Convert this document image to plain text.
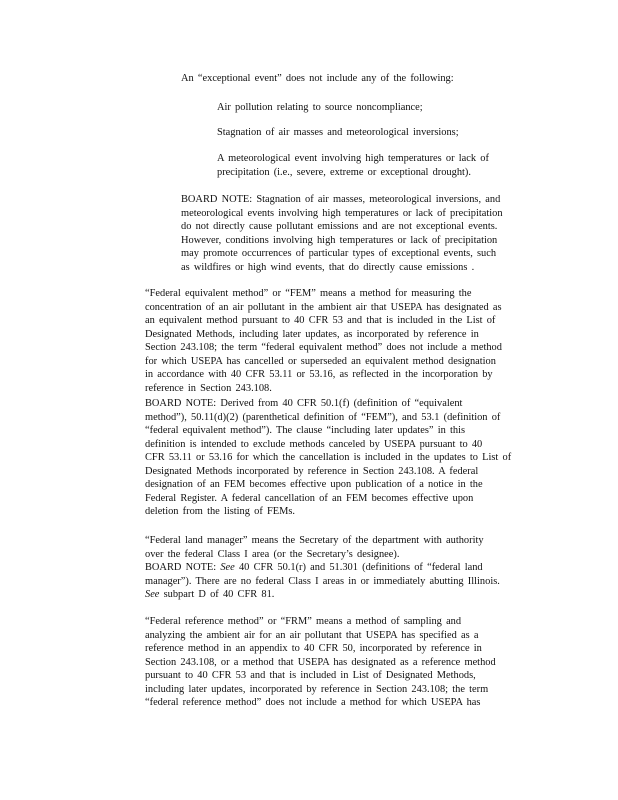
An “exceptional event” does not include any of the following:
Air pollution relating to source noncompliance;
Stagnation of air masses and meteorological inversions;
A meteorological event involving high temperatures or lack of
precipitation (i.e., severe, extreme or exceptional drought).
BOARD NOTE: Stagnation of air masses, meteorological inversions, and
meteorological events involving high temperatures or lack of precipitation
do not directly cause pollutant emissions and are not exceptional events.
However, conditions involving high temperatures or lack of precipitation
may promote occurrences of particular types of exceptional events, such
as wildfires or high wind events, that do directly cause emissions .
“Federal equivalent method” or “FEM” means a method for measuring the
concentration of an air pollutant in the ambient air that USEPA has designated as
an equivalent method pursuant to 40 CFR 53 and that is included in the List of
Designated Methods, including later updates, as incorporated by reference in
Section 243.108; the term “federal equivalent method” does not include a method
for which USEPA has cancelled or superseded an equivalent method designation
in accordance with 40 CFR 53.11 or 53.16, as reflected in the incorporation by
reference in Section 243.108.
BOARD NOTE: Derived from 40 CFR 50.1(f) (definition of “equivalent
method”), 50.11(d)(2) (parenthetical definition of “FEM”), and 53.1 (definition of
“federal equivalent method”). The clause “including later updates” in this
definition is intended to exclude methods canceled by USEPA pursuant to 40
CFR 53.11 or 53.16 for which the cancellation is included in the updates to List of
Designated Methods incorporated by reference in Section 243.108. A federal
designation of an FEM becomes effective upon publication of a notice in the
Federal Register. A federal cancellation of an FEM becomes effective upon
deletion from the listing of FEMs.
“Federal land manager” means the Secretary of the department with authority
over the federal Class I area (or the Secretary’s designee).
BOARD NOTE: See 40 CFR 50.1(r) and 51.301 (definitions of “federal land
manager”). There are no federal Class I areas in or immediately abutting Illinois.
See subpart D of 40 CFR 81.
“Federal reference method” or “FRM” means a method of sampling and
analyzing the ambient air for an air pollutant that USEPA has specified as a
reference method in an appendix to 40 CFR 50, incorporated by reference in
Section 243.108, or a method that USEPA has designated as a reference method
pursuant to 40 CFR 53 and that is included in List of Designated Methods,
including later updates, incorporated by reference in Section 243.108; the term
“federal reference method” does not include a method for which USEPA has
